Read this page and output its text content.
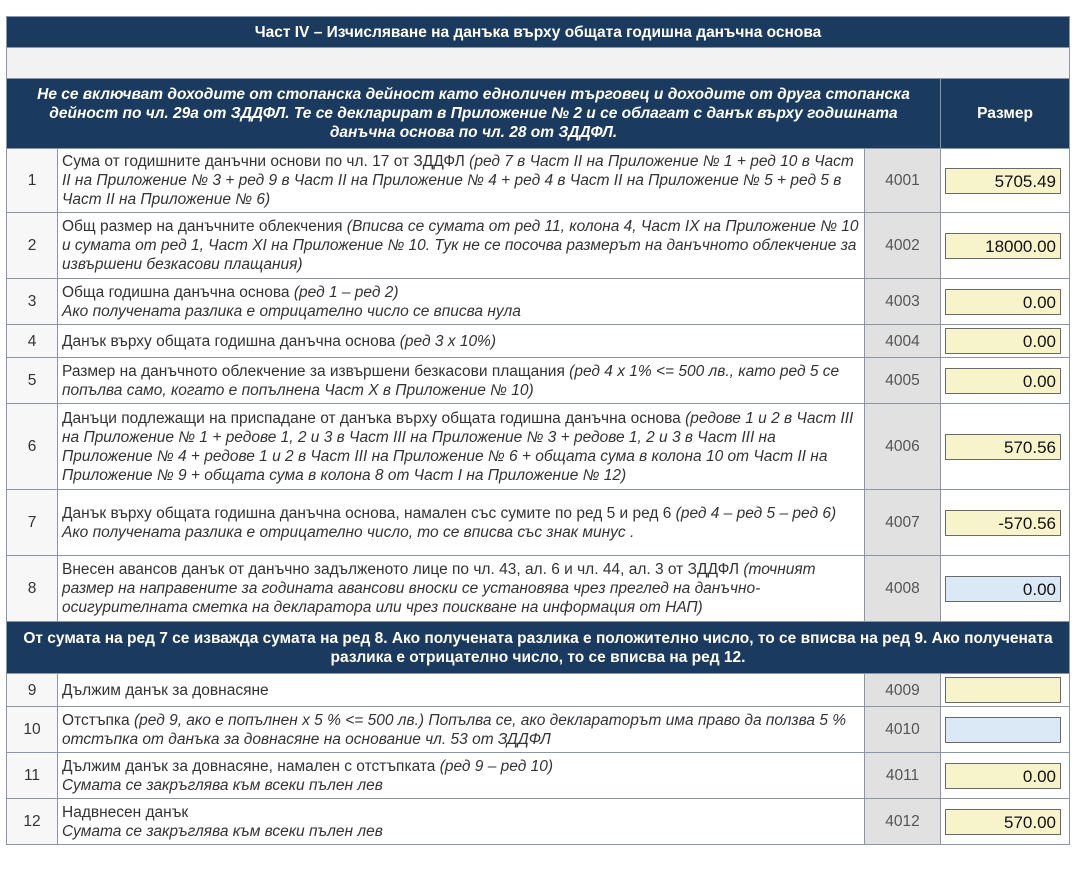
Част IV – Изчисляване на данъка върху общата годишна данъчна основа			

Не се включват доходите от стопанска дейност като едноличен търговец и доходите от друга стопанска дейност по чл. 29а от ЗДДФЛ. Те се декларират в Приложение № 2 и се облагат с данък върху годишната данъчна основа по чл. 28 от ЗДДФЛ.			Размер
1	Сума от годишните данъчни основи по чл. 17 от ЗДДФЛ (ред 7 в Част II на Приложение № 1 + ред 10 в Част II на Приложение № 3 + ред 9 в Част II на Приложение № 4 + ред 4 в Част II на Приложение № 5 + ред 5 в Част II на Приложение № 6)	4001	5705.49

2	Общ размер на данъчните облекчения (Вписва се сумата от ред 11, колона 4, Част IX на Приложение № 10 и сумата от ред 1, Част XI на Приложение № 10. Тук не се посочва размерът на данъчното облекчение за извършени безкасови плащания)	4002	18000.00

3	Обща годишна данъчна основа (ред 1 – ред 2)
Ако получената разлика е отрицателно число се вписва нула	4003	0.00

4	Данък върху общата годишна данъчна основа (ред 3 x 10%)	4004	0.00

5	Размер на данъчното облекчение за извършени безкасови плащания (ред 4 x 1% <= 500 лв., като ред 5 се попълва само, когато е попълнена Част X в Приложение № 10)	4005	0.00

6	Данъци подлежащи на приспадане от данъка върху общата годишна данъчна основа (редове 1 и 2 в Част III на Приложение № 1 + редове 1, 2 и 3 в Част III на Приложение № 3 + редове 1, 2 и 3 в Част III на Приложение № 4 + редове 1 и 2 в Част III на Приложение № 6 + общата сума в колона 10 от Част II на Приложение № 9 + общата сума в колона 8 от Част I на Приложение № 12)	4006	570.56

7	Данък върху общата годишна данъчна основа, намален със сумите по ред 5 и ред 6 (ред 4 – ред 5 – ред 6)
Ако получената разлика е отрицателно число, то се вписва със знак минус .	4007	-570.56

8	Внесен авансов данък от данъчно задълженото лице по чл. 43, ал. 6 и чл. 44, ал. 3 от ЗДДФЛ (точният размер на направените за годината авансови вноски се установява чрез преглед на данъчно-осигурителната сметка на декларатора или чрез поискване на информация от НАП)	4008	0.00

От сумата на ред 7 се изважда сумата на ред 8. Ако получената разлика е положително число, то се вписва на ред 9. Ако получената разлика е отрицателно число, то се вписва на ред 12.			
9	Дължим данък за довнасяне	4009	

10	Отстъпка (ред 9, ако е попълнен x 5 % <= 500 лв.) Попълва се, ако декларатoрът има право да ползва 5 % отстъпка от данъка за довнасяне на основание чл. 53 от ЗДДФЛ	4010	

11	Дължим данък за довнасяне, намален с отстъпката (ред 9 – ред 10)
Сумата се закръглява към всеки пълен лев	4011	0.00

12	Надвнесен данък
Сумата се закръглява към всеки пълен лев	4012	570.00
